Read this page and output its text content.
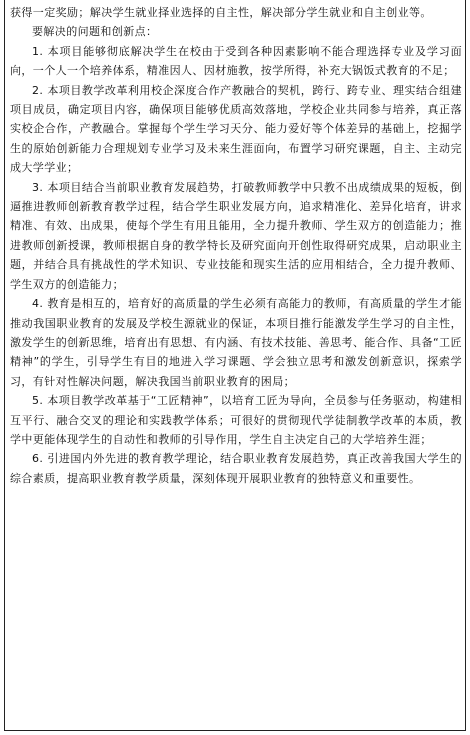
获得一定奖励；解决学生就业择业选择的自主性，解决部分学生就业和自主创业等。

要解决的问题和创新点：

1. 本项目能够彻底解决学生在校由于受到各种因素影响不能合理选择专业及学习面向，一个人一个培养体系，精准因人、因材施教，按学所得，补充大锅饭式教育的不足；

2. 本项目教学改革利用校企深度合作产教融合的契机，跨行、跨专业、理实结合组建项目成员，确定项目内容，确保项目能够优质高效落地，学校企业共同参与培养，真正落实校企合作，产教融合。掌握每个学生学习天分、能力爱好等个体差异的基础上，挖掘学生的原始创新能力合理规划专业学习及未来生涯面向，布置学习研究课题，自主、主动完成大学学业；

3. 本项目结合当前职业教育发展趋势，打破教师教学中只教不出成绩成果的短板，倒逼推进教师创新教育教学过程，结合学生职业发展方向，追求精准化、差异化培育，讲求精准、有效、出成果，使每个学生有用且能用，全力提升教师、学生双方的创造能力；推进教师创新授课，教师根据自身的教学特长及研究面向开创性取得研究成果，启动职业主题，并结合具有挑战性的学术知识、专业技能和现实生活的应用相结合，全力提升教师、学生双方的创造能力；

4. 教育是相互的，培育好的高质量的学生必须有高能力的教师，有高质量的学生才能推动我国职业教育的发展及学校生源就业的保证，本项目推行能激发学生学习的自主性，激发学生的创新思维，培育出有思想、有内涵、有技术技能、善思考、能合作、具备“工匠精神”的学生，引导学生有目的地进入学习课题、学会独立思考和激发创新意识，探索学习，有针对性解决问题，解决我国当前职业教育的困局；

5. 本项目教学改革基于“工匠精神”，以培育工匠为导向，全员参与任务驱动，构建相互平行、融合交叉的理论和实践教学体系；可很好的贯彻现代学徒制教学改革的本质，教学中更能体现学生的自动性和教师的引导作用，学生自主决定自己的大学培养生涯；

6. 引进国内外先进的教育教学理论，结合职业教育发展趋势，真正改善我国大学生的综合素质，提高职业教育教学质量，深刻体现开展职业教育的独特意义和重要性。
